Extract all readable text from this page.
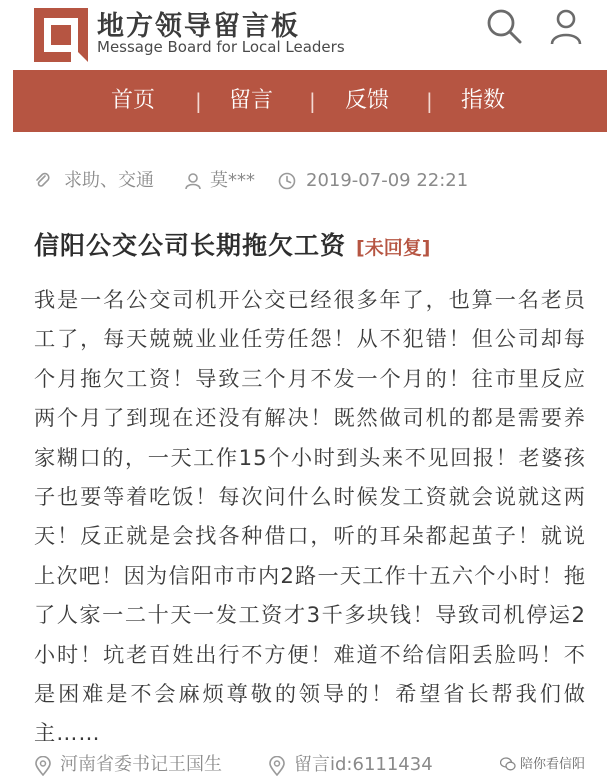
地方领导留言板
Message Board for Local Leaders
首页 | 留言 | 反馈 | 指数
求助、交通	莫***	2019-07-09 22:21
信阳公交公司长期拖欠工资 [未回复]
我是一名公交司机开公交已经很多年了，也算一名老员工了，每天兢兢业业任劳任怨！从不犯错！但公司却每个月拖欠工资！导致三个月不发一个月的！往市里反应两个月了到现在还没有解决！既然做司机的都是需要养家糊口的，一天工作15个小时到头来不见回报！老婆孩子也要等着吃饭！每次问什么时候发工资就会说就这两天！反正就是会找各种借口，听的耳朵都起茧子！就说上次吧！因为信阳市市内2路一天工作十五六个小时！拖了人家一二十天一发工资才3千多块钱！导致司机停运2小时！坑老百姓出行不方便！难道不给信阳丢脸吗！不是困难是不会麻烦尊敬的领导的！希望省长帮我们做主……
河南省委书记王国生	留言id:6111434	陪你看信阳
